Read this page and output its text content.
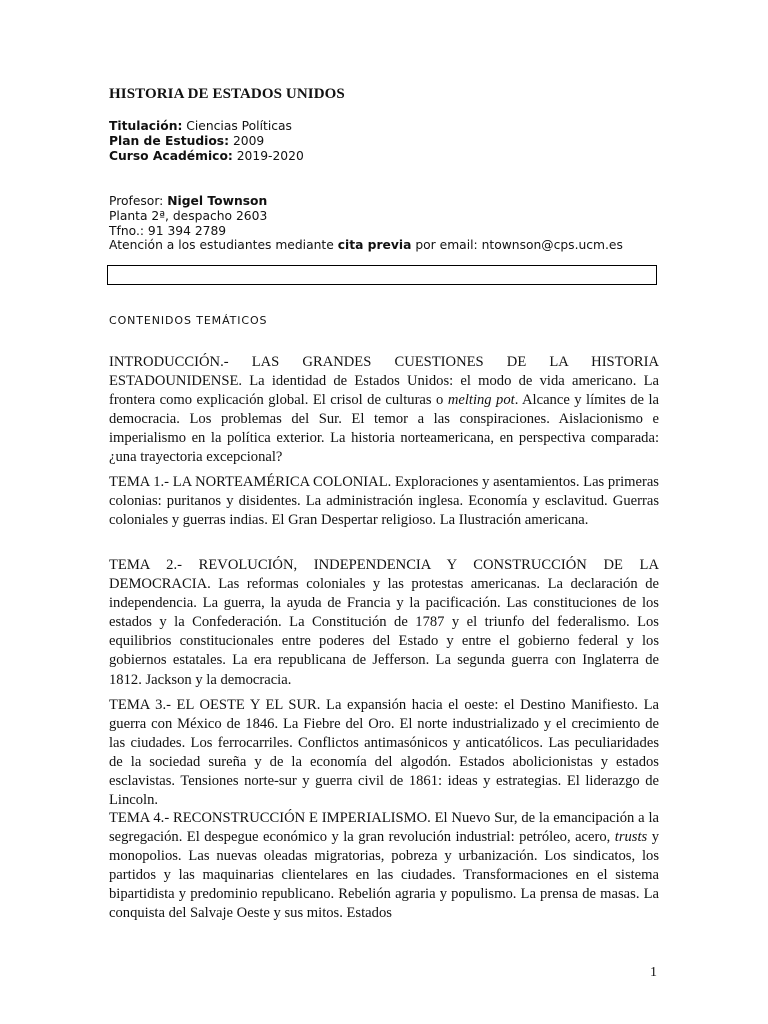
HISTORIA DE ESTADOS UNIDOS
Titulación: Ciencias Políticas
Plan de Estudios: 2009
Curso Académico: 2019-2020
Profesor: Nigel Townson
Planta 2ª, despacho 2603
Tfno.: 91 394 2789
Atención a los estudiantes mediante cita previa por email: ntownson@cps.ucm.es
CONTENIDOS TEMÁTICOS

INTRODUCCIÓN.- LAS GRANDES CUESTIONES DE LA HISTORIA ESTADOUNIDENSE. La identidad de Estados Unidos: el modo de vida americano. La frontera como explicación global. El crisol de culturas o melting pot. Alcance y límites de la democracia. Los problemas del Sur. El temor a las conspiraciones. Aislacionismo e imperialismo en la política exterior. La historia norteamericana, en perspectiva comparada: ¿una trayectoria excepcional?

TEMA 1.- LA NORTEAMÉRICA COLONIAL. Exploraciones y asentamientos. Las primeras colonias: puritanos y disidentes. La administración inglesa. Economía y esclavitud. Guerras coloniales y guerras indias. El Gran Despertar religioso. La Ilustración americana.

TEMA 2.- REVOLUCIÓN, INDEPENDENCIA Y CONSTRUCCIÓN DE LA DEMOCRACIA. Las reformas coloniales y las protestas americanas. La declaración de independencia. La guerra, la ayuda de Francia y la pacificación. Las constituciones de los estados y la Confederación. La Constitución de 1787 y el triunfo del federalismo. Los equilibrios constitucionales entre poderes del Estado y entre el gobierno federal y los gobiernos estatales. La era republicana de Jefferson. La segunda guerra con Inglaterra de 1812. Jackson y la democracia.

TEMA 3.- EL OESTE Y EL SUR. La expansión hacia el oeste: el Destino Manifiesto. La guerra con México de 1846. La Fiebre del Oro. El norte industrializado y el crecimiento de las ciudades. Los ferrocarriles. Conflictos antimasónicos y anticatólicos. Las peculiaridades de la sociedad sureña y de la economía del algodón. Estados abolicionistas y estados esclavistas. Tensiones norte-sur y guerra civil de 1861: ideas y estrategias. El liderazgo de Lincoln.

TEMA 4.- RECONSTRUCCIÓN E IMPERIALISMO. El Nuevo Sur, de la emancipación a la segregación. El despegue económico y la gran revolución industrial: petróleo, acero, trusts y monopolios. Las nuevas oleadas migratorias, pobreza y urbanización. Los sindicatos, los partidos y las maquinarias clientelares en las ciudades. Transformaciones en el sistema bipartidista y predominio republicano. Rebelión agraria y populismo. La prensa de masas. La conquista del Salvaje Oeste y sus mitos. Estados

1
